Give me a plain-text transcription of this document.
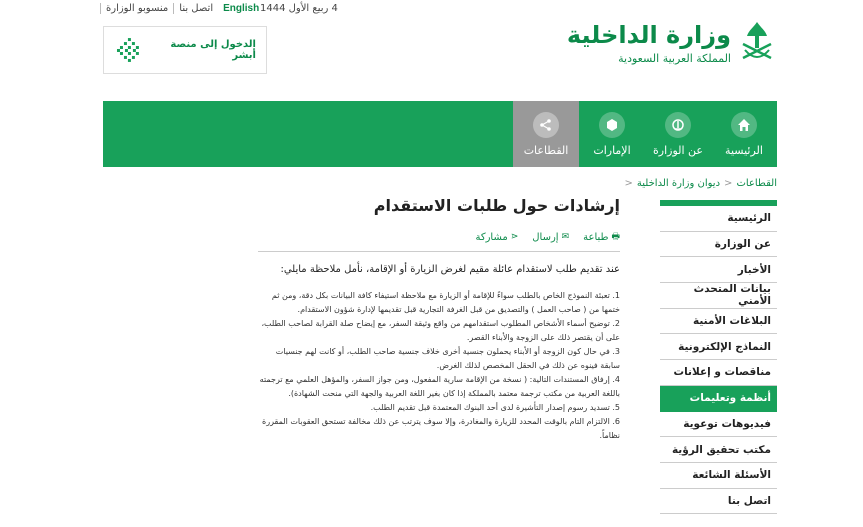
English
اتصل بنا
منسوبو الوزارة	4 ربيع الأول 1444
الدخول إلى منصة أبشر
وزارة الداخلية
المملكة العربية السعودية
الرئيسية
عن الوزارة
الإمارات
القطاعات
القطاعات
<
ديوان وزارة الداخلية
<
الرئيسية
عن الوزارة
الأخبار
بيانات المتحدث الأمني
البلاغات الأمنية
النماذج الإلكترونية
مناقصات و إعلانات
أنظمة وتعليمات
فيديوهات توعوية
مكتب تحقيق الرؤية
الأسئلة الشائعة
اتصل بنا
إرشادات حول طلبات الاستقدام
🖶
طباعة
✉
إرسال
⋖
مشاركة

عند تقديم طلب لاستقدام عائلة مقيم لغرض الزيارة أو الإقامة، نأمل ملاحظة مايلي:

1. تعبئة النموذج الخاص بالطلب سواءً للإقامة أو الزيارة مع ملاحظة استيفاء كافة البيانات بكل دقة، ومن ثم ختمها من ( صاحب العمل ) والتصديق من قبل الغرفة التجارية قبل تقديمها لإدارة شؤون الاستقدام.
2. توضيح أسماء الأشخاص المطلوب استقدامهم من واقع وثيقة السفر، مع إيضاح صلة القرابة لصاحب الطلب، على أن يقتصر ذلك على الزوجة والأبناء القصر.
3. في حال كون الزوجة أو الأبناء يحملون جنسية أخرى خلاف جنسية صاحب الطلب، أو كانت لهم جنسيات سابقة فينوه عن ذلك في الحقل المخصص لذلك الغرض.
4. إرفاق المستندات التالية: ( نسخة من الإقامة سارية المفعول، ومن جواز السفر، والمؤهل العلمي مع ترجمته باللغة العربية من مكتب ترجمة معتمد بالمملكة إذا كان بغير اللغة العربية والجهة التي منحت الشهادة).
5. تسديد رسوم إصدار التأشيرة لدى أحد البنوك المعتمدة قبل تقديم الطلب.
6. الالتزام التام بالوقت المحدد للزيارة والمغادرة، وإلا سوف يترتب عن ذلك مخالفة تستحق العقوبات المقررة نظاماً.
